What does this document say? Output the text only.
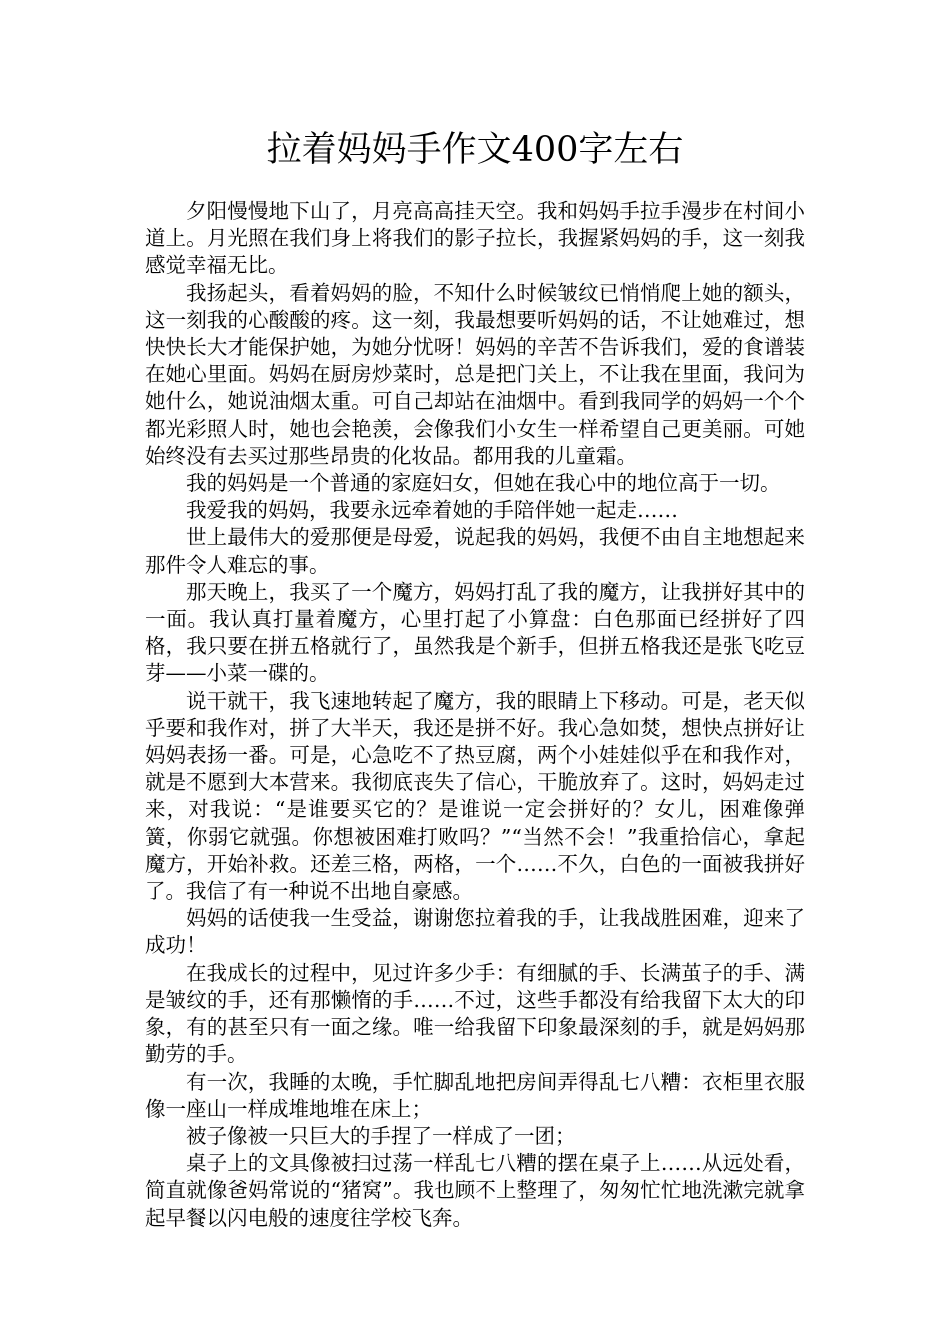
拉着妈妈手作文400字左右

夕阳慢慢地下山了，月亮高高挂天空。我和妈妈手拉手漫步在村间小道上。月光照在我们身上将我们的影子拉长，我握紧妈妈的手，这一刻我感觉幸福无比。

我扬起头，看着妈妈的脸，不知什么时候皱纹已悄悄爬上她的额头，这一刻我的心酸酸的疼。这一刻，我最想要听妈妈的话，不让她难过，想快快长大才能保护她，为她分忧呀！妈妈的辛苦不告诉我们，爱的食谱装在她心里面。妈妈在厨房炒菜时，总是把门关上，不让我在里面，我问为她什么，她说油烟太重。可自己却站在油烟中。看到我同学的妈妈一个个都光彩照人时，她也会艳羡，会像我们小女生一样希望自己更美丽。可她始终没有去买过那些昂贵的化妆品。都用我的儿童霜。

我的妈妈是一个普通的家庭妇女，但她在我心中的地位高于一切。

我爱我的妈妈，我要永远牵着她的手陪伴她一起走……

世上最伟大的爱那便是母爱，说起我的妈妈，我便不由自主地想起来那件令人难忘的事。

那天晚上，我买了一个魔方，妈妈打乱了我的魔方，让我拼好其中的一面。我认真打量着魔方，心里打起了小算盘：白色那面已经拼好了四格，我只要在拼五格就行了，虽然我是个新手，但拼五格我还是张飞吃豆芽——小菜一碟的。

说干就干，我飞速地转起了魔方，我的眼睛上下移动。可是，老天似乎要和我作对，拼了大半天，我还是拼不好。我心急如焚，想快点拼好让妈妈表扬一番。可是，心急吃不了热豆腐，两个小娃娃似乎在和我作对，就是不愿到大本营来。我彻底丧失了信心，干脆放弃了。这时，妈妈走过来，对我说：“是谁要买它的？是谁说一定会拼好的？女儿，困难像弹簧，你弱它就强。你想被困难打败吗？”“当然不会！”我重拾信心，拿起魔方，开始补救。还差三格，两格，一个……不久，白色的一面被我拼好了。我信了有一种说不出地自豪感。

妈妈的话使我一生受益，谢谢您拉着我的手，让我战胜困难，迎来了成功！

在我成长的过程中，见过许多少手：有细腻的手、长满茧子的手、满是皱纹的手，还有那懒惰的手……不过，这些手都没有给我留下太大的印象，有的甚至只有一面之缘。唯一给我留下印象最深刻的手，就是妈妈那勤劳的手。

有一次，我睡的太晚，手忙脚乱地把房间弄得乱七八糟：衣柜里衣服像一座山一样成堆地堆在床上；

被子像被一只巨大的手捏了一样成了一团；

桌子上的文具像被扫过荡一样乱七八糟的摆在桌子上……从远处看，简直就像爸妈常说的“猪窝”。我也顾不上整理了，匆匆忙忙地洗漱完就拿起早餐以闪电般的速度往学校飞奔。
